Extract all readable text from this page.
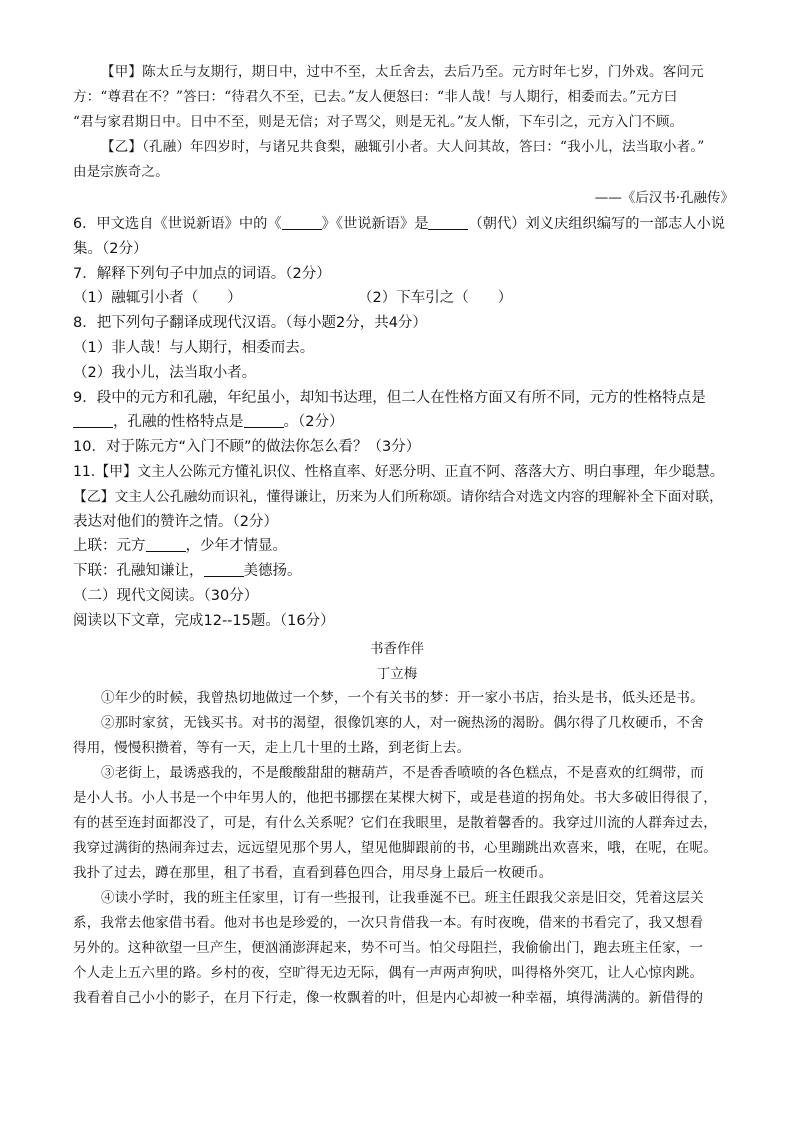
【甲】陈太丘与友期行，期日中，过中不至，太丘舍去，去后乃至。元方时年七岁，门外戏。客问元
方：“尊君在不？”答曰：“待君久不至，已去。”友人便怒曰：“非人哉！与人期行，相委而去。”元方曰
“君与家君期日中。日中不至，则是无信；对子骂父，则是无礼。”友人惭，下车引之，元方入门不顾。
【乙】（孔融）年四岁时，与诸兄共食梨，融辄引小者。大人问其故，答曰：“我小儿，法当取小者。”
由是宗族奇之。
——《后汉书·孔融传》
6．甲文选自《世说新语》中的《	》《世说新语》是	（朝代）刘义庆组织编写的一部志人小说
集。（2分）
7．解释下列句子中加点的词语。（2分）
（1）融辄引小者（　　）	（2）下车引之（　　）
8．把下列句子翻译成现代汉语。（每小题2分，共4分）
（1）非人哉！与人期行，相委而去。
（2）我小儿，法当取小者。
9．段中的元方和孔融，年纪虽小，却知书达理，但二人在性格方面又有所不同，元方的性格特点是
，孔融的性格特点是	。（2分）
10．对于陈元方“入门不顾”的做法你怎么看？（3分）
11.【甲】文主人公陈元方懂礼识仪、性格直率、好恶分明、正直不阿、落落大方、明白事理，年少聪慧。
【乙】文主人公孔融幼而识礼，懂得谦让，历来为人们所称颂。请你结合对选文内容的理解补全下面对联，
表达对他们的赞许之情。（2分）
上联：元方	，少年才情显。
下联：孔融知谦让，	美德扬。
（二）现代文阅读。（30分）
阅读以下文章，完成12--15题。（16分）
书香作伴
丁立梅
①年少的时候，我曾热切地做过一个梦，一个有关书的梦：开一家小书店，抬头是书，低头还是书。
②那时家贫，无钱买书。对书的渴望，很像饥寒的人，对一碗热汤的渴盼。偶尔得了几枚硬币，不舍
得用，慢慢积攒着，等有一天，走上几十里的土路，到老街上去。
③老街上，最诱惑我的，不是酸酸甜甜的糖葫芦，不是香香喷喷的各色糕点，不是喜欢的红绸带，而
是小人书。小人书是一个中年男人的，他把书挪摆在某棵大树下，或是巷道的拐角处。书大多破旧得很了，
有的甚至连封面都没了，可是，有什么关系呢？它们在我眼里，是散着馨香的。我穿过川流的人群奔过去，
我穿过满街的热闹奔过去，远远望见那个男人，望见他脚跟前的书，心里蹦跳出欢喜来，哦，在呢，在呢。
我扑了过去，蹲在那里，租了书看，直看到暮色四合，用尽身上最后一枚硬币。
④读小学时，我的班主任家里，订有一些报刊，让我垂涎不已。班主任跟我父亲是旧交，凭着这层关
系，我常去他家借书看。他对书也是珍爱的，一次只肯借我一本。有时夜晚，借来的书看完了，我又想看
另外的。这种欲望一旦产生，便汹涌澎湃起来，势不可当。怕父母阻拦，我偷偷出门，跑去班主任家，一
个人走上五六里的路。乡村的夜，空旷得无边无际，偶有一声两声狗吠，叫得格外突兀，让人心惊肉跳。
我看着自己小小的影子，在月下行走，像一枚飘着的叶，但是内心却被一种幸福，填得满满的。新借得的
